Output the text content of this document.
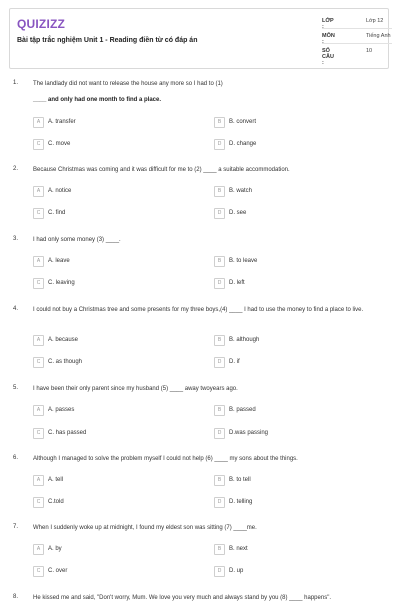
QUIZIZZ
Bài tập trắc nghiệm Unit 1 - Reading điền từ có đáp án
LỚP :
Lớp 12
MÔN :
Tiếng Anh
SỐ CÂU :
10
1. The landlady did not want to release the house any more so I had to (1)
____ and only had one month to find a place.
A	A. transfer	B	B. convert
C	C. move	D	D. change
2. Because Christmas was coming and it was difficult for me to (2) ____ a suitable accommodation.
A	A. notice	B	B. watch
C	C. find	D	D. see
3. I had only some money (3) ____.
A	A. leave	B	B. to leave
C	C. leaving	D	D. left
4. I could not buy a Christmas tree and some presents for my three boys,(4) ____ I had to use the money to find a place to live.
A	A. because	B	B. although
C	C. as though	D	D. if
5. I have been their only parent since my husband (5) ____ away twoyears ago.
A	A. passes	B	B. passed
C	C. has passed	D	D.was passing
6. Although I managed to solve the problem myself I could not help (6) ____ my sons about the things.
A	A. tell	B	B. to tell
C	C.told	D	D. telling
7. When I suddenly woke up at midnight, I found my eldest son was sitting (7) ____me.
A	A. by	B	B. next
C	C. over	D	D. up
8. He kissed me and said, "Don't worry, Mum. We love you very much and always stand by you (8) ____ happens".
